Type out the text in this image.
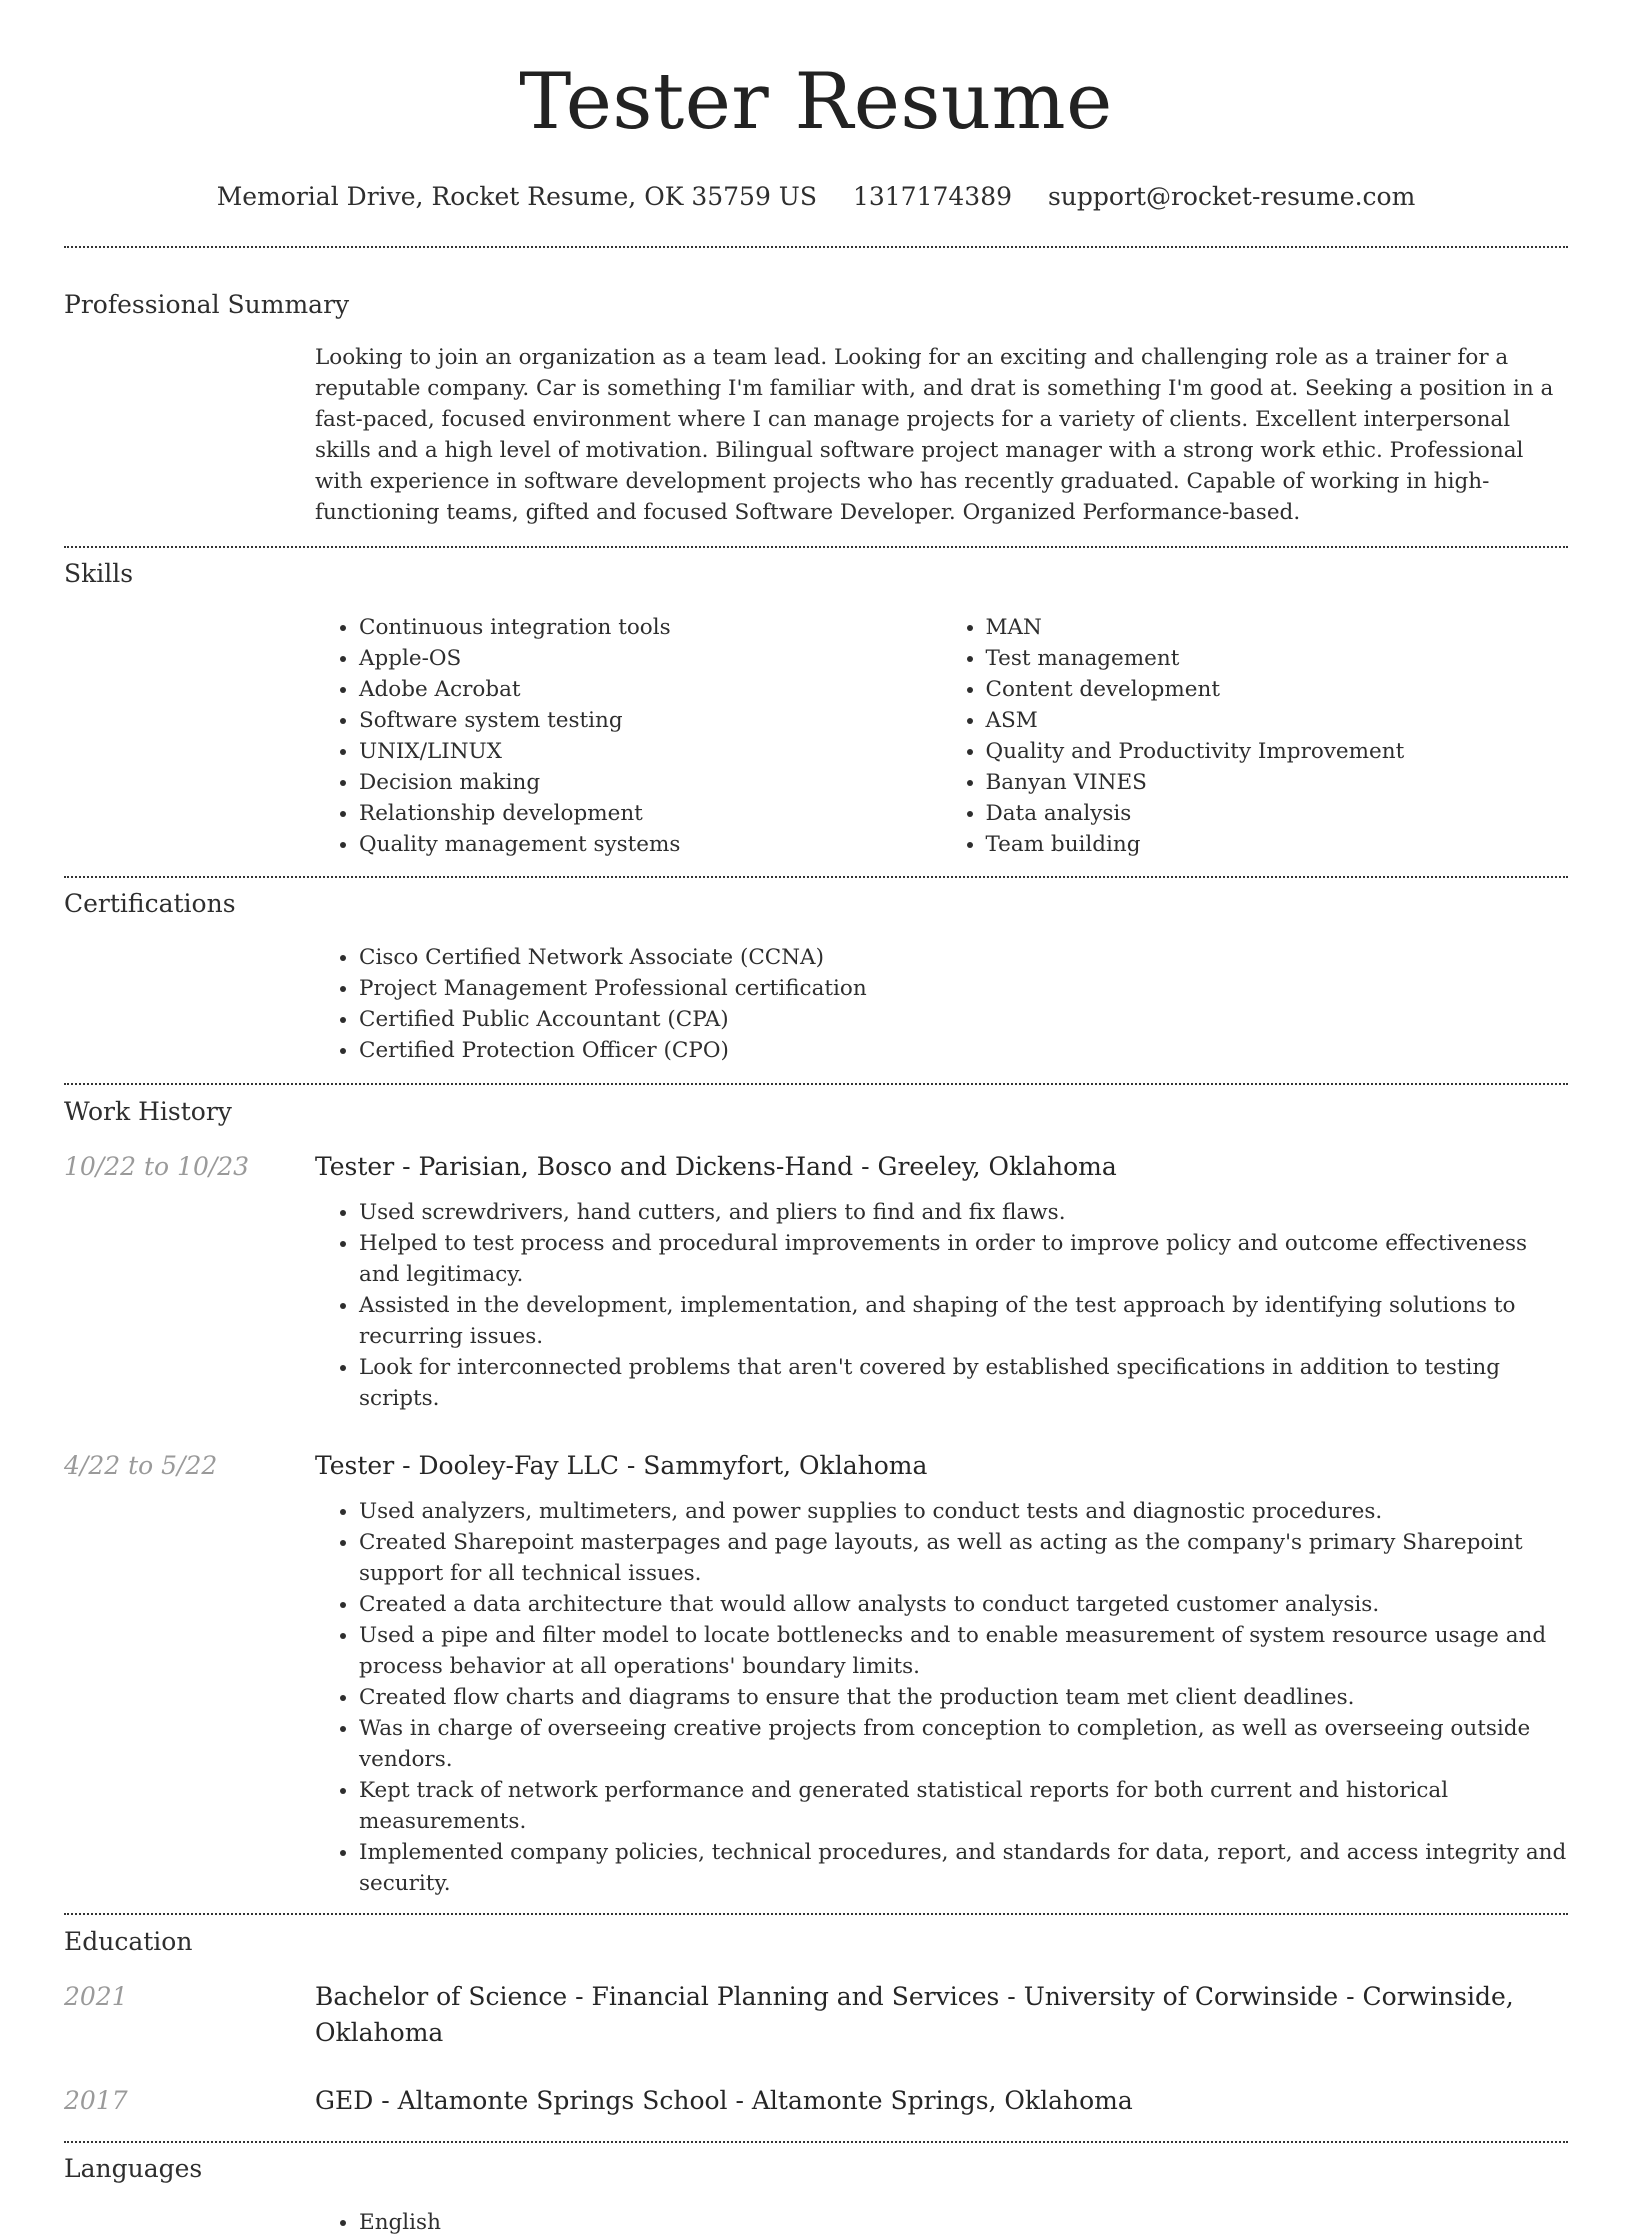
Tester Resume
Memorial Drive, Rocket Resume, OK 35759 US 1317174389 support@rocket-resume.com
Professional Summary
Looking to join an organization as a team lead. Looking for an exciting and challenging role as a trainer for a reputable company. Car is something I'm familiar with, and drat is something I'm good at. Seeking a position in a fast-paced, focused environment where I can manage projects for a variety of clients. Excellent interpersonal skills and a high level of motivation. Bilingual software project manager with a strong work ethic. Professional with experience in software development projects who has recently graduated. Capable of working in high-functioning teams, gifted and focused Software Developer. Organized Performance-based.
Skills
• Continuous integration tools
• Apple-OS
• Adobe Acrobat
• Software system testing
• UNIX/LINUX
• Decision making
• Relationship development
• Quality management systems
• MAN
• Test management
• Content development
• ASM
• Quality and Productivity Improvement
• Banyan VINES
• Data analysis
• Team building
Certifications
• Cisco Certified Network Associate (CCNA)
• Project Management Professional certification
• Certified Public Accountant (CPA)
• Certified Protection Officer (CPO)
Work History
10/22 to 10/23	Tester - Parisian, Bosco and Dickens-Hand - Greeley, Oklahoma
• Used screwdrivers, hand cutters, and pliers to find and fix flaws.
• Helped to test process and procedural improvements in order to improve policy and outcome effectiveness and legitimacy.
• Assisted in the development, implementation, and shaping of the test approach by identifying solutions to recurring issues.
• Look for interconnected problems that aren't covered by established specifications in addition to testing scripts.
4/22 to 5/22	Tester - Dooley-Fay LLC - Sammyfort, Oklahoma
• Used analyzers, multimeters, and power supplies to conduct tests and diagnostic procedures.
• Created Sharepoint masterpages and page layouts, as well as acting as the company's primary Sharepoint support for all technical issues.
• Created a data architecture that would allow analysts to conduct targeted customer analysis.
• Used a pipe and filter model to locate bottlenecks and to enable measurement of system resource usage and process behavior at all operations' boundary limits.
• Created flow charts and diagrams to ensure that the production team met client deadlines.
• Was in charge of overseeing creative projects from conception to completion, as well as overseeing outside vendors.
• Kept track of network performance and generated statistical reports for both current and historical measurements.
• Implemented company policies, technical procedures, and standards for data, report, and access integrity and security.
Education
2021	Bachelor of Science - Financial Planning and Services - University of Corwinside - Corwinside, Oklahoma
2017	GED - Altamonte Springs School - Altamonte Springs, Oklahoma
Languages
• English
